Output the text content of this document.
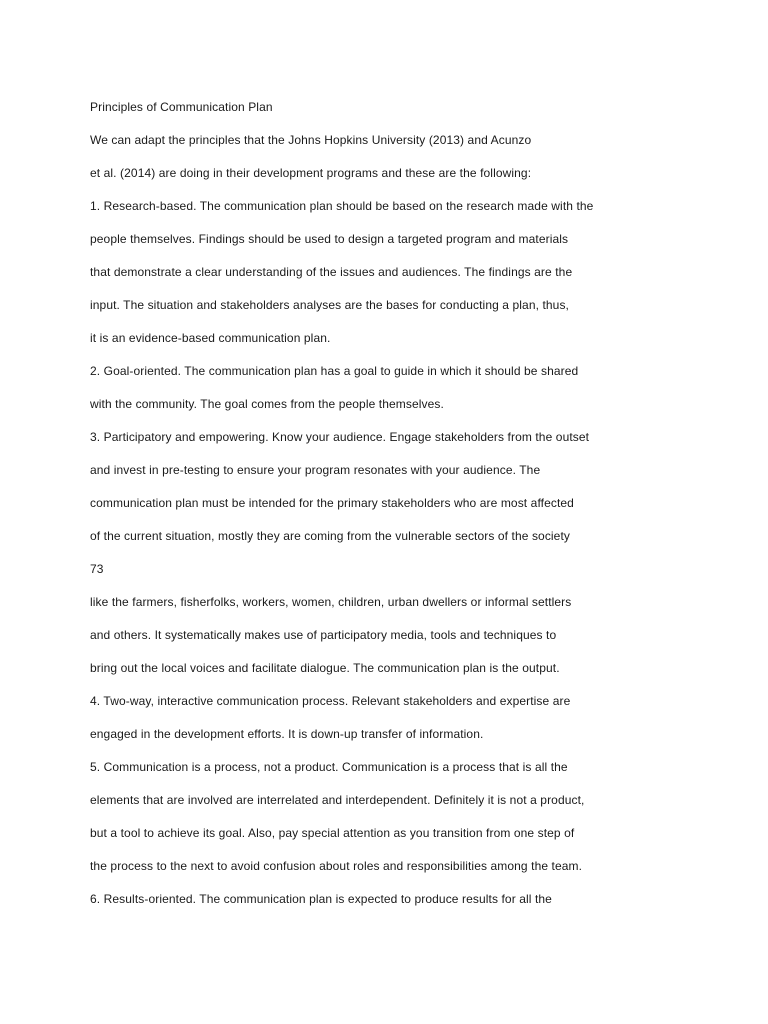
Principles of Communication Plan
We can adapt the principles that the Johns Hopkins University (2013) and Acunzo
et al. (2014) are doing in their development programs and these are the following:
1. Research-based. The communication plan should be based on the research made with the
people themselves. Findings should be used to design a targeted program and materials
that demonstrate a clear understanding of the issues and audiences. The findings are the
input. The situation and stakeholders analyses are the bases for conducting a plan, thus,
it is an evidence-based communication plan.
2. Goal-oriented. The communication plan has a goal to guide in which it should be shared
with the community. The goal comes from the people themselves.
3. Participatory and empowering. Know your audience. Engage stakeholders from the outset
and invest in pre-testing to ensure your program resonates with your audience. The
communication plan must be intended for the primary stakeholders who are most affected
of the current situation, mostly they are coming from the vulnerable sectors of the society
73
like the farmers, fisherfolks, workers, women, children, urban dwellers or informal settlers
and others. It systematically makes use of participatory media, tools and techniques to
bring out the local voices and facilitate dialogue. The communication plan is the output.
4. Two-way, interactive communication process. Relevant stakeholders and expertise are
engaged in the development efforts. It is down-up transfer of information.
5. Communication is a process, not a product. Communication is a process that is all the
elements that are involved are interrelated and interdependent. Definitely it is not a product,
but a tool to achieve its goal. Also, pay special attention as you transition from one step of
the process to the next to avoid confusion about roles and responsibilities among the team.
6. Results-oriented. The communication plan is expected to produce results for all the
